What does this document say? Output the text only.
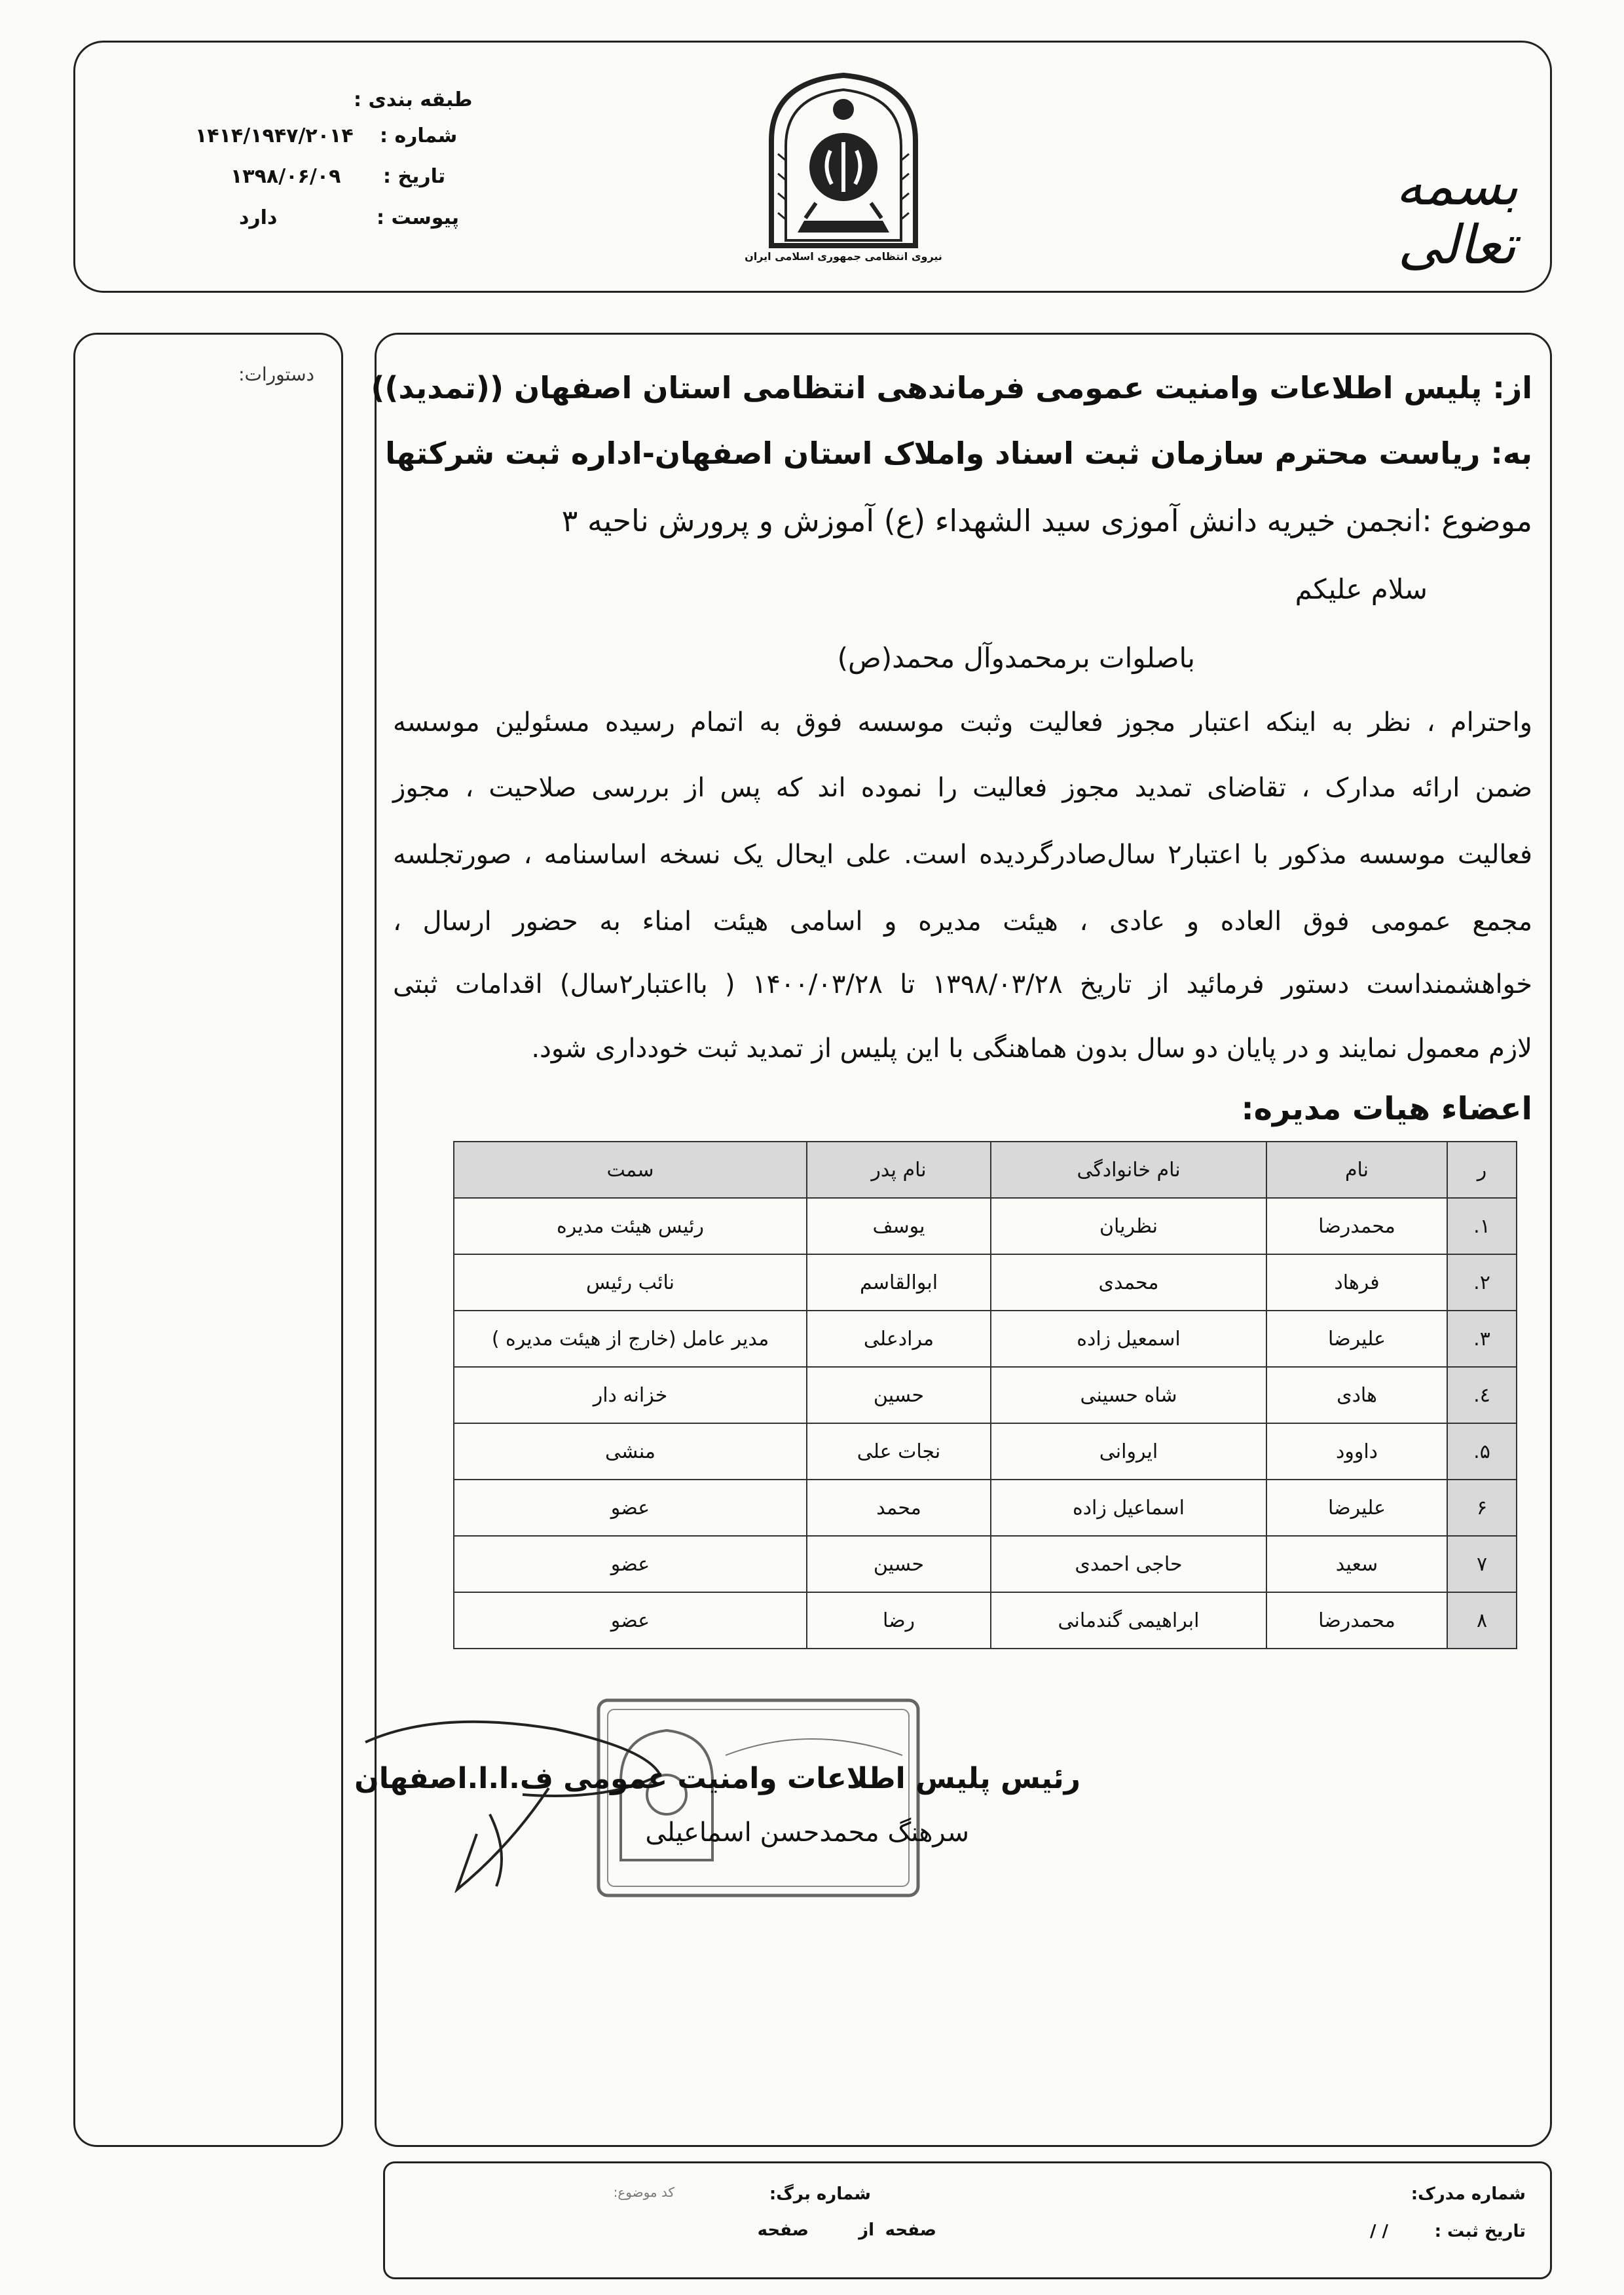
طبقه بندی :
شماره :
۱۴۱۴/۱۹۴۷/۲۰۱۴
تاریخ :
۱۳۹۸/۰۶/۰۹
پیوست :
دارد
نیروی انتظامی جمهوری اسلامی ایران
بسمه تعالی
دستورات: از: پلیس اطلاعات وامنیت عمومی فرماندهی انتظامی استان اصفهان ((تمدید))
به: ریاست محترم سازمان ثبت اسناد واملاک استان اصفهان-اداره ثبت شرکتها
موضوع :انجمن خیریه دانش آموزی سید الشهداء (ع) آموزش و پرورش ناحیه ۳
سلام علیکم
باصلوات برمحمدوآل محمد(ص)
واحترام ، نظر به اینکه اعتبار مجوز فعالیت وثبت موسسه فوق به اتمام رسیده مسئولین موسسه
ضمن ارائه مدارک ، تقاضای تمدید مجوز فعالیت را نموده اند که پس از بررسی صلاحیت ، مجوز
فعالیت موسسه مذکور با اعتبار۲ سال‌صادرگردیده است. علی ایحال یک نسخه اساسنامه ، صورتجلسه
مجمع عمومی فوق العاده و عادی ، هیئت مدیره و اسامی هیئت امناء به حضور ارسال ،
خواهشمنداست دستور فرمائید از تاریخ ۱۳۹۸/۰۳/۲۸ تا ۱۴۰۰/۰۳/۲۸ ( بااعتبار۲سال) اقدامات ثبتی
لازم معمول نمایند و در پایان دو سال بدون هماهنگی با این پلیس از تمدید ثبت خودداری شود.
اعضاء هیات مدیره:
ر	نام	نام خانوادگی	نام پدر	سمت
۱.	محمدرضا	نظریان	یوسف	رئیس هیئت مدیره
۲.	فرهاد	محمدی	ابوالقاسم	نائب رئیس
۳.	علیرضا	اسمعیل زاده	مرادعلی	مدیر عامل (خارج از هیئت مدیره )
٤.	هادی	شاه حسینی	حسین	خزانه دار
۵.	داوود	ایروانی	نجات علی	منشی
۶	علیرضا	اسماعیل زاده	محمد	عضو
۷	سعید	حاجی احمدی	حسین	عضو
۸	محمدرضا	ابراهیمی گندمانی	رضا	عضو
رئیس پلیس اطلاعات وامنیت عمومی ف.ا.ا.اصفهان
سرهنگ محمدحسن اسماعیلی
شماره مدرک:
تاریخ ثبت :
/ /
شماره برگ:
صفحه
از
صفحه
کد موضوع:
